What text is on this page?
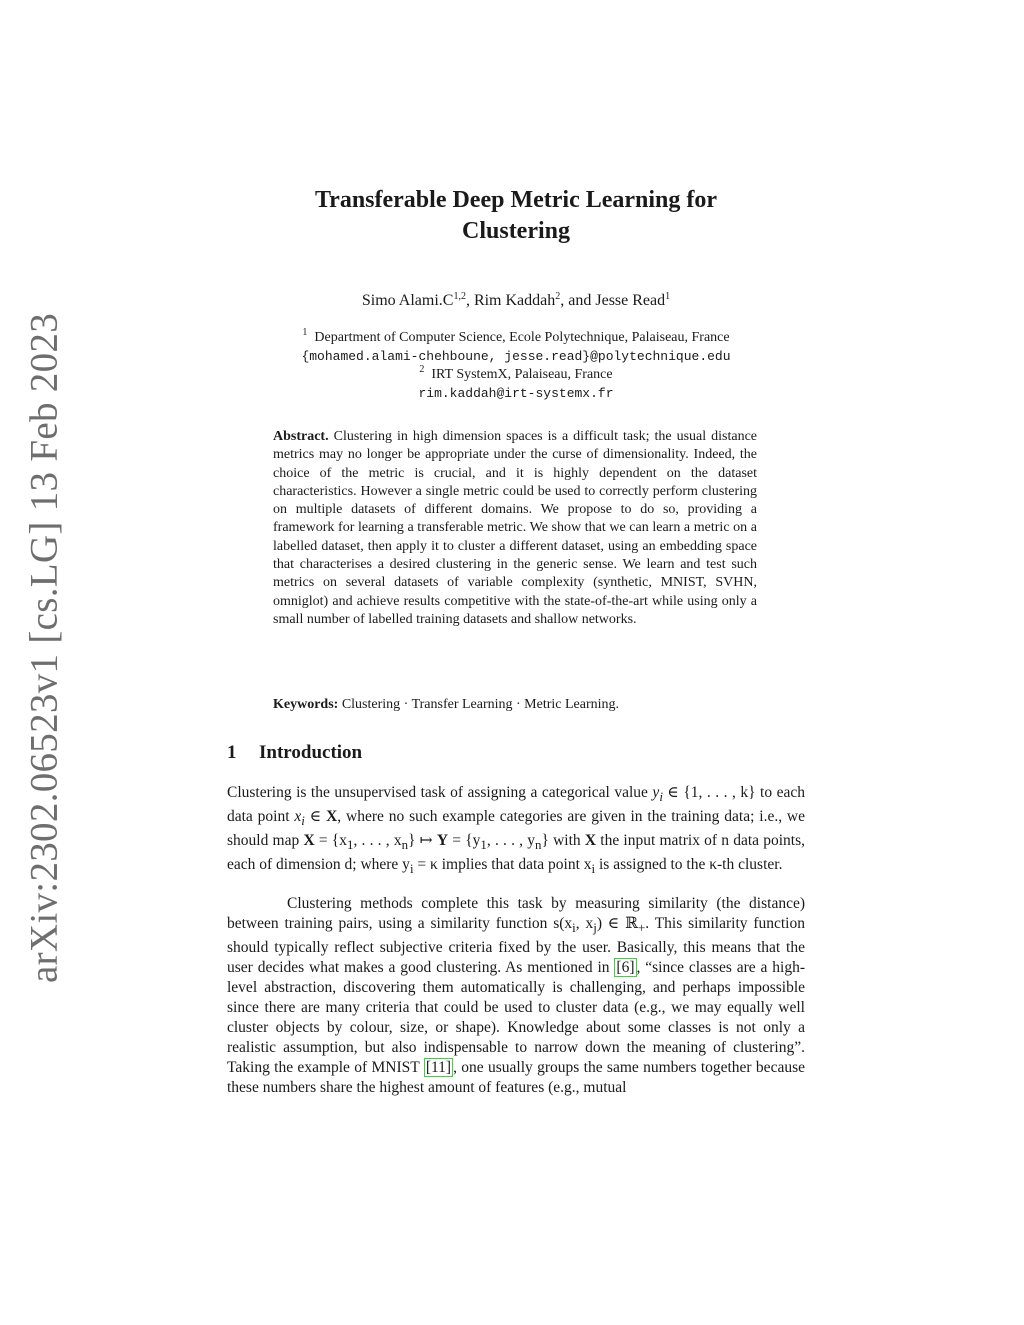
arXiv:2302.06523v1 [cs.LG] 13 Feb 2023
Transferable Deep Metric Learning for
Clustering
Simo $Alami.C^{1,2}$, Rim Kaddah$^2$, and Jesse Read$^1$
$^1$ Department of Computer Science, Ecole Polytechnique, Palaiseau, France
{mohamed.alami-chehboune, jesse.read}@polytechnique.edu
$^2$ IRT SystemX, Palaiseau, France
rim.kaddah@irt-systemx.fr
Abstract. Clustering in high dimension spaces is a difficult task; the usual distance metrics may no longer be appropriate under the curse of dimensionality. Indeed, the choice of the metric is crucial, and it is highly dependent on the dataset characteristics. However a single metric could be used to correctly perform clustering on multiple datasets of different domains. We propose to do so, providing a framework for learning a transferable metric. We show that we can learn a metric on a labelled dataset, then apply it to cluster a different dataset, using an embedding space that characterises a desired clustering in the generic sense. We learn and test such metrics on several datasets of variable complexity (synthetic, MNIST, SVHN, omniglot) and achieve results competitive with the state-of-the-art while using only a small number of labelled training datasets and shallow networks.
Keywords: Clustering · Transfer Learning · Metric Learning.
1 Introduction
Clustering is the unsupervised task of assigning a categorical value $y_i$ ∈ {1, . . . , k} to each data point $x_i$ ∈ X, where no such example categories are given in the training data; i.e., we should map $X = \{x_1$, . . . , $x_n$} ↦ $Y = \{y_1$, . . . , $y_n$} with X the input matrix of n data points, each of dimension d; where $y_i = \kappa$ implies that data point $x_i$ is assigned to the κ-th cluster.
Clustering methods complete this task by measuring similarity (the distance) between training pairs, using a similarity function $s(x_i$, $x_j$) ∈ ℝ$_+$. This similarity function should typically reflect subjective criteria fixed by the user. Basically, this means that the user decides what makes a good clustering. As mentioned in [6] , “since classes are a high-level abstraction, discovering them automatically is challenging, and perhaps impossible since there are many criteria that could be used to cluster data (e.g., we may equally well cluster objects by colour, size, or shape). Knowledge about some classes is not only a realistic assumption, but also indispensable to narrow down the meaning of clustering”. Taking the example of MNIST [11] , one usually groups the same numbers together because these numbers share the highest amount of features (e.g., mutual
